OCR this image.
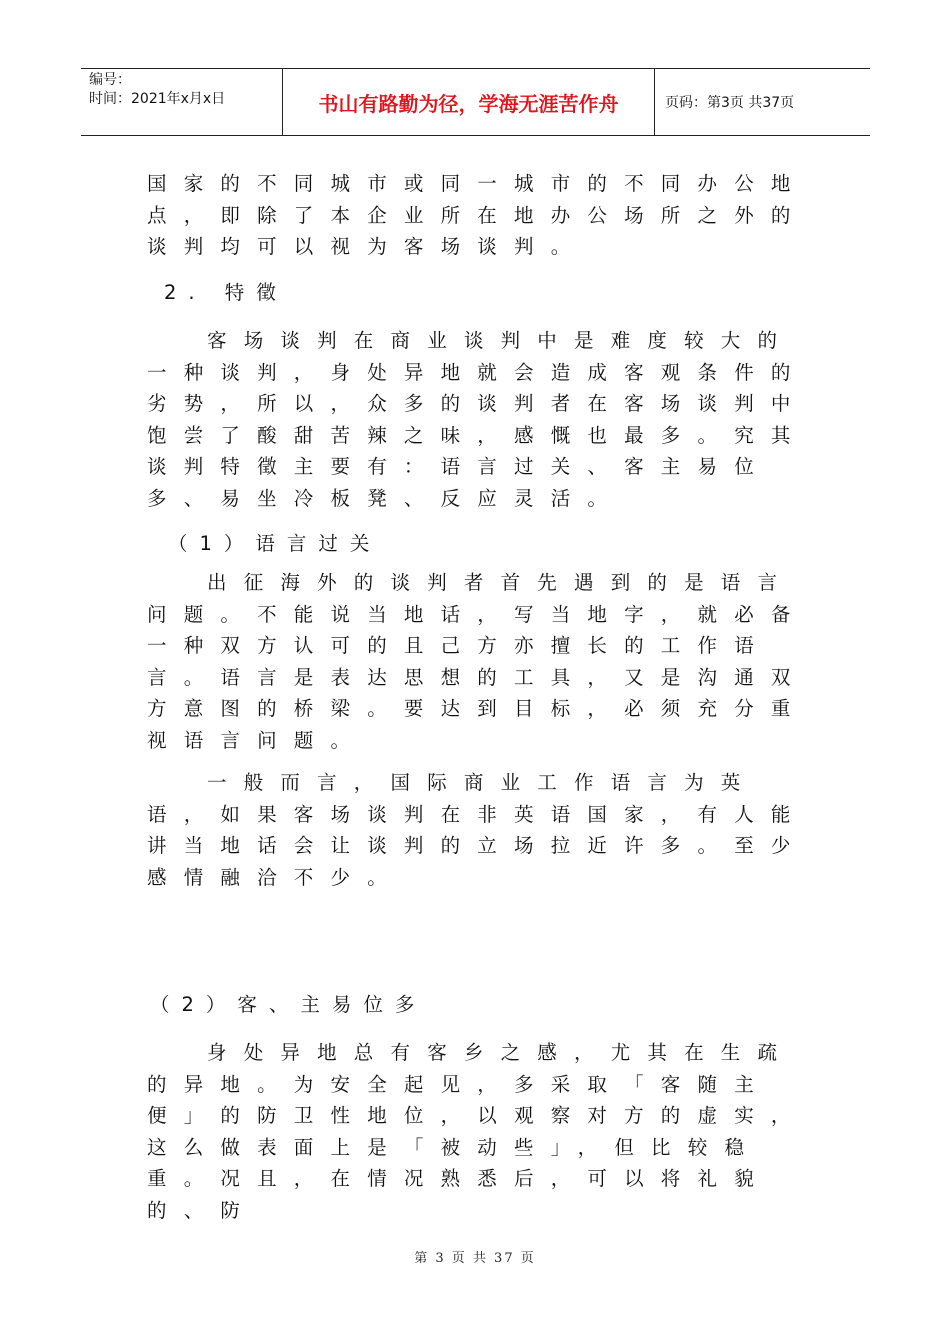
编号：
时间：2021年x月x日	书山有路勤为径，学海无涯苦作舟	页码：第3页 共37页
国家的不同城市或同一城市的不同办公地点，即除了本企业所在地办公场所之外的谈判均可以视为客场谈判。
2. 特徵
客场谈判在商业谈判中是难度较大的一种谈判，身处异地就会造成客观条件的劣势，所以，众多的谈判者在客场谈判中饱尝了酸甜苦辣之味，感慨也最多。究其谈判特徵主要有：语言过关、客主易位多、易坐冷板凳、反应灵活。
（1）语言过关
出征海外的谈判者首先遇到的是语言问题。不能说当地话，写当地字，就必备一种双方认可的且己方亦擅长的工作语言。语言是表达思想的工具，又是沟通双方意图的桥梁。要达到目标，必须充分重视语言问题。
一般而言，国际商业工作语言为英语，如果客场谈判在非英语国家，有人能讲当地话会让谈判的立场拉近许多。至少感情融洽不少。
（2）客、主易位多
身处异地总有客乡之感，尤其在生疏的异地。为安全起见，多采取「客随主便」的防卫性地位，以观察对方的虚实，这么做表面上是「被动些」，但比较稳重。况且，在情况熟悉后，可以将礼貌的、防
第 3 页 共 37 页
